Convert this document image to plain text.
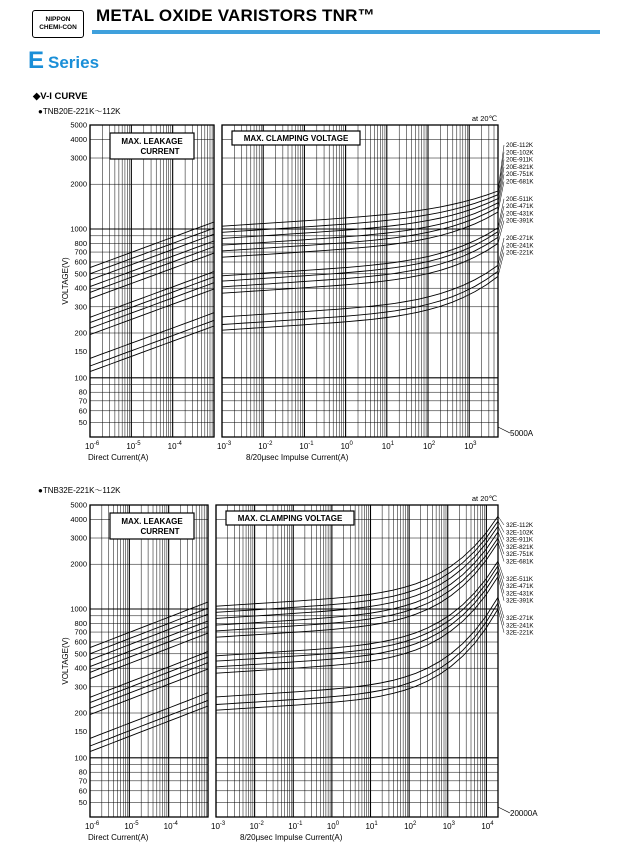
NIPPON
CHEMI-CON
METAL OXIDE VARISTORS TNR™
E Series
◆V-I CURVE
●TNB20E-221K～112K
●TNB32E-221K～112K
5000
4000
3000
2000
1000
800
700
600
500
400
300
200
150
100
80
70
60
50
VOLTAGE(V)
$10^{-6}$	$10^{-5}$	$10^{-4}$	$10^{-3}$	$10^{-2}$	$10^{-1}$	$10^0$	$10^1$	$10^2$	$10^3$
Direct Current(A)	8/20μsec Impulse Current(A)
at 20℃
MAX. LEAKAGE
CURRENT
MAX. CLAMPING VOLTAGE
20E-112K
20E-102K
20E-911K
20E-821K
20E-751K
20E-681K
20E-511K
20E-471K
20E-431K
20E-391K
20E-271K
20E-241K
20E-221K
5000A
5000
4000
3000
2000
1000
800
700
600
500
400
300
200
150
100
80
70
60
50
VOLTAGE(V)
$10^{-6}$	$10^{-5}$	$10^{-4}$	$10^{-3}$	$10^{-2}$	$10^{-1}$	$10^0$	$10^1$	$10^2$	$10^3$	$10^4$
Direct Current(A)	8/20μsec Impulse Current(A)
at 20℃
MAX. LEAKAGE
CURRENT
MAX. CLAMPING VOLTAGE
32E-112K
32E-102K
32E-911K
32E-821K
32E-751K
32E-681K
32E-511K
32E-471K
32E-431K
32E-391K
32E-271K
32E-241K
32E-221K
20000A
